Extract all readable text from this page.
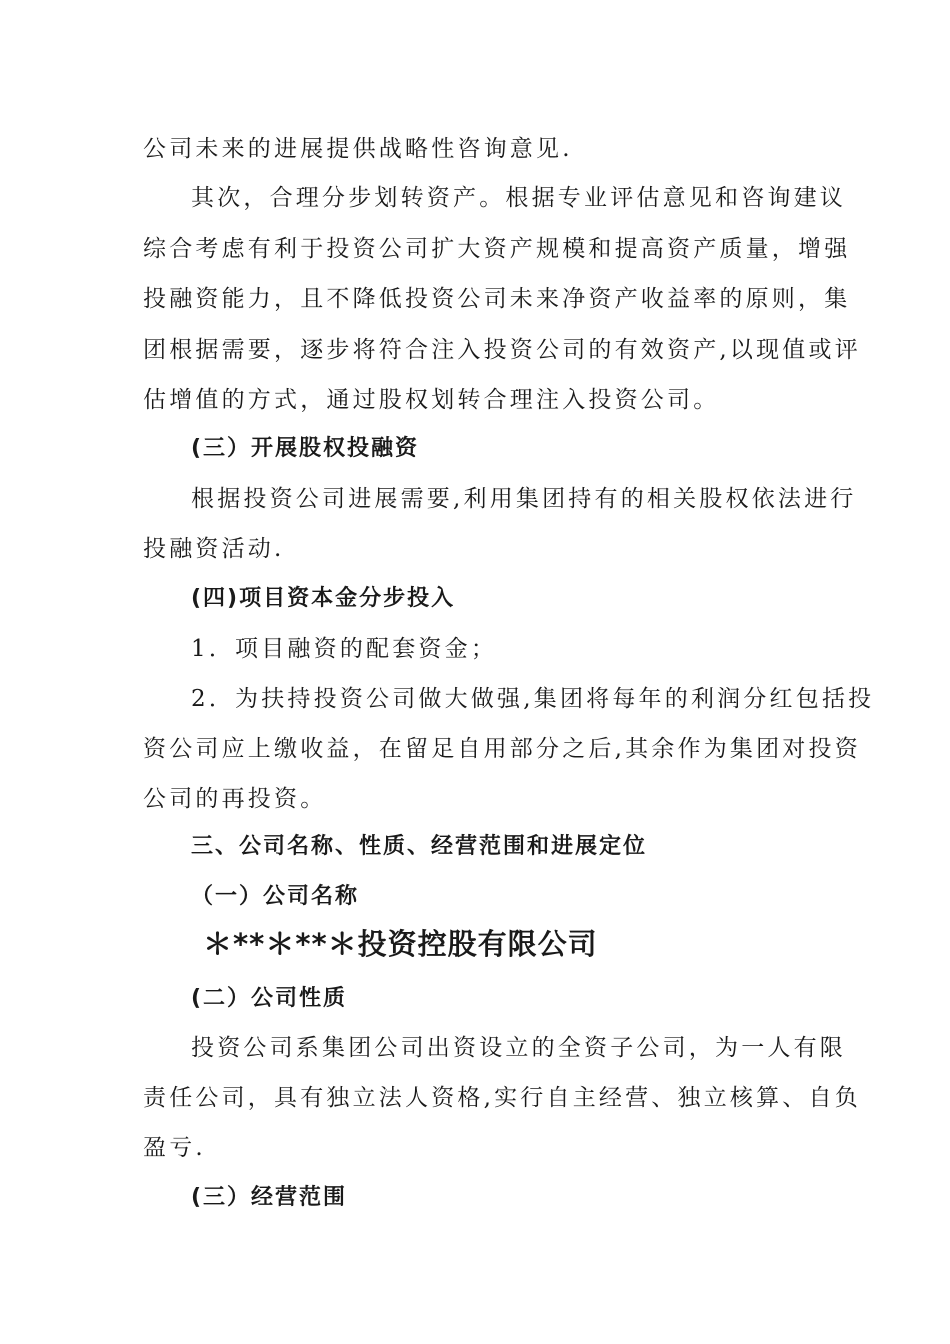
公司未来的进展提供战略性咨询意见.
其次，合理分步划转资产。根据专业评估意见和咨询建议
综合考虑有利于投资公司扩大资产规模和提高资产质量，增强
投融资能力，且不降低投资公司未来净资产收益率的原则，集
团根据需要，逐步将符合注入投资公司的有效资产,以现值或评
估增值的方式，通过股权划转合理注入投资公司。
(三）开展股权投融资
根据投资公司进展需要,利用集团持有的相关股权依法进行
投融资活动.
(四)项目资本金分步投入
1．项目融资的配套资金；
2．为扶持投资公司做大做强,集团将每年的利润分红包括投
资公司应上缴收益，在留足自用部分之后,其余作为集团对投资
公司的再投资。
三、公司名称、性质、经营范围和进展定位
（一）公司名称
＊**＊**＊投资控股有限公司
(二）公司性质
投资公司系集团公司出资设立的全资子公司，为一人有限
责任公司，具有独立法人资格,实行自主经营、独立核算、自负
盈亏.
(三）经营范围
